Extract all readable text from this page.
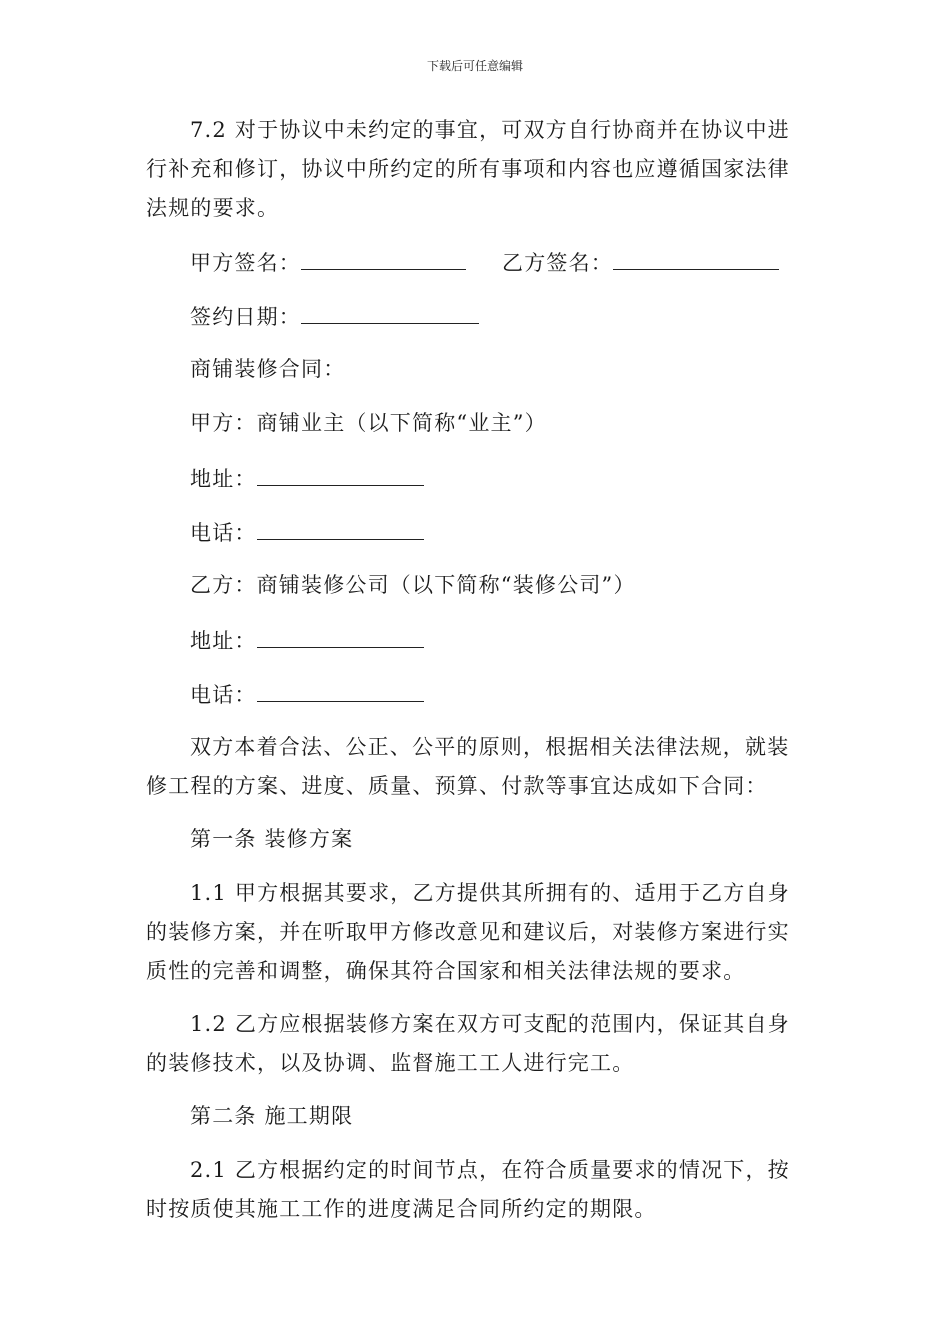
下载后可任意编辑
7.2 对于协议中未约定的事宜，可双方自行协商并在协议中进
行补充和修订，协议中所约定的所有事项和内容也应遵循国家法律
法规的要求。
甲方签名：	乙方签名：
签约日期：
商铺装修合同：
甲方：商铺业主（以下简称“业主”）
地址：
电话：
乙方：商铺装修公司（以下简称“装修公司”）
地址：
电话：
双方本着合法、公正、公平的原则，根据相关法律法规，就装
修工程的方案、进度、质量、预算、付款等事宜达成如下合同：
第一条 装修方案
1.1 甲方根据其要求，乙方提供其所拥有的、适用于乙方自身
的装修方案，并在听取甲方修改意见和建议后，对装修方案进行实
质性的完善和调整，确保其符合国家和相关法律法规的要求。
1.2 乙方应根据装修方案在双方可支配的范围内，保证其自身
的装修技术，以及协调、监督施工工人进行完工。
第二条 施工期限
2.1 乙方根据约定的时间节点，在符合质量要求的情况下，按
时按质使其施工工作的进度满足合同所约定的期限。
